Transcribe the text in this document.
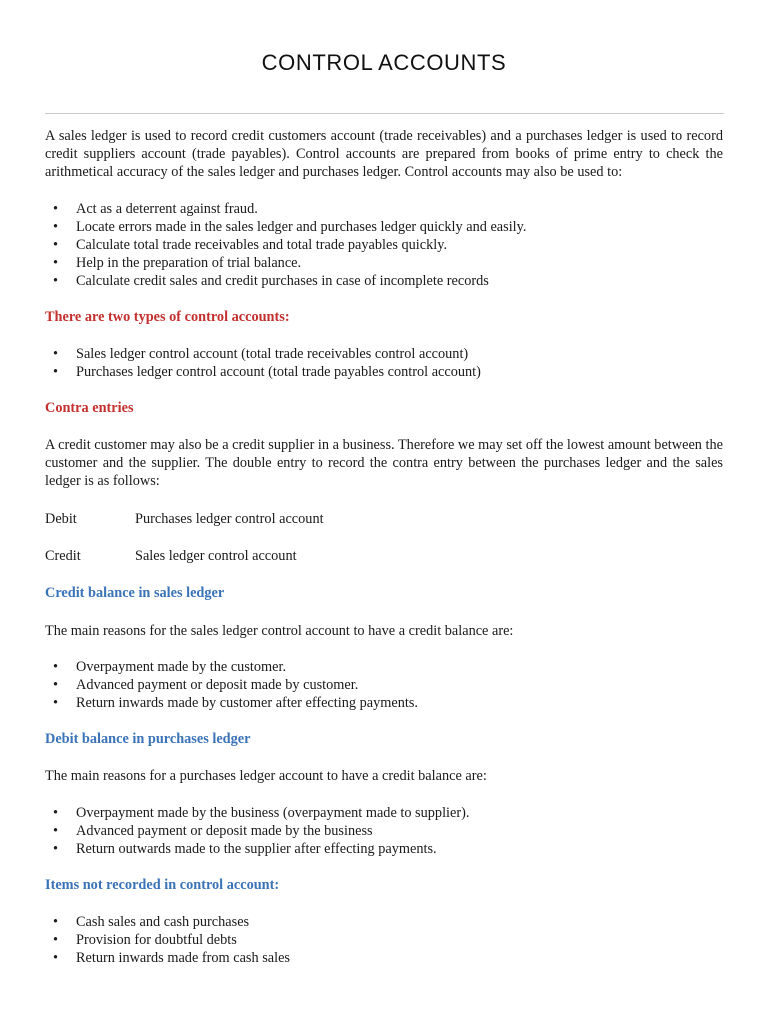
CONTROL ACCOUNTS
A sales ledger is used to record credit customers account (trade receivables) and a purchases ledger is used to record credit suppliers account (trade payables). Control accounts are prepared from books of prime entry to check the arithmetical accuracy of the sales ledger and purchases ledger. Control accounts may also be used to:
• Act as a deterrent against fraud.
• Locate errors made in the sales ledger and purchases ledger quickly and easily.
• Calculate total trade receivables and total trade payables quickly.
• Help in the preparation of trial balance.
• Calculate credit sales and credit purchases in case of incomplete records
There are two types of control accounts:
• Sales ledger control account (total trade receivables control account)
• Purchases ledger control account (total trade payables control account)
Contra entries
A credit customer may also be a credit supplier in a business. Therefore we may set off the lowest amount between the customer and the supplier. The double entry to record the contra entry between the purchases ledger and the sales ledger is as follows:
Debit	Purchases ledger control account
Credit	Sales ledger control account
Credit balance in sales ledger
The main reasons for the sales ledger control account to have a credit balance are:
• Overpayment made by the customer.
• Advanced payment or deposit made by customer.
• Return inwards made by customer after effecting payments.
Debit balance in purchases ledger
The main reasons for a purchases ledger account to have a credit balance are:
• Overpayment made by the business (overpayment made to supplier).
• Advanced payment or deposit made by the business
• Return outwards made to the supplier after effecting payments.
Items not recorded in control account:
• Cash sales and cash purchases
• Provision for doubtful debts
• Return inwards made from cash sales
